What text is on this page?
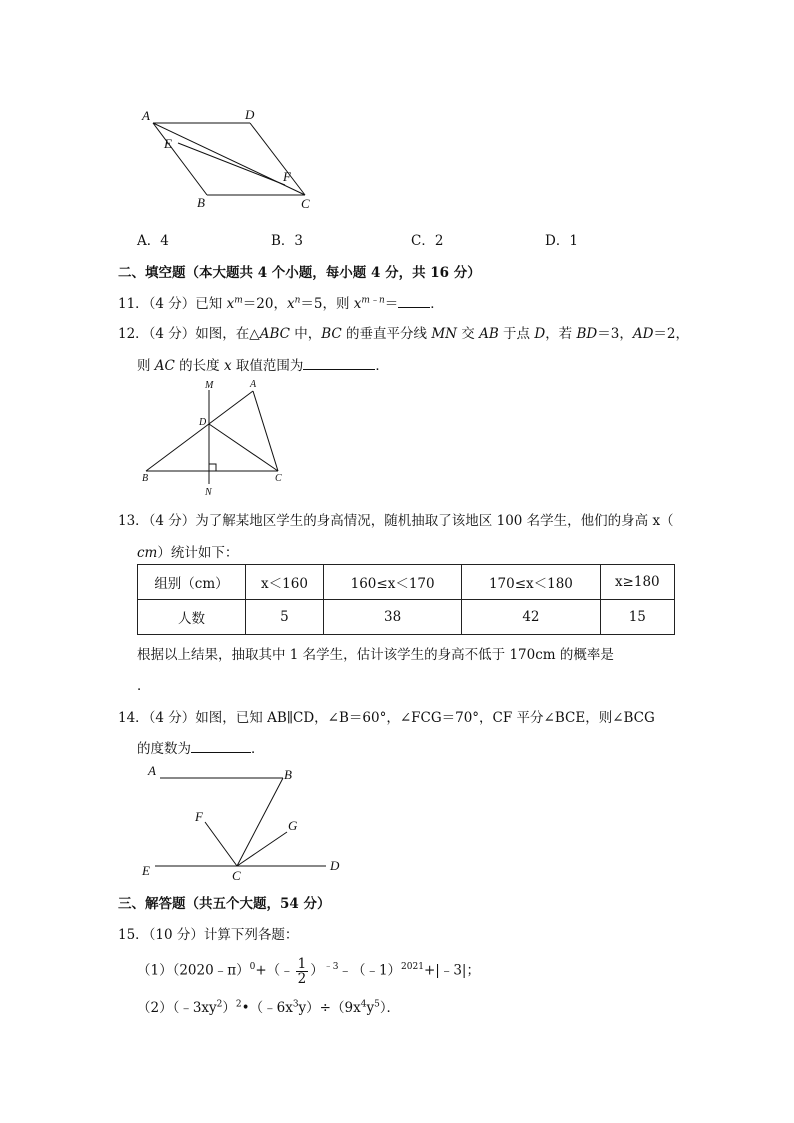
A	D
E
F
B	C
A．4	B．3	C．2	D．1
二、填空题（本大题共 4 个小题，每小题 4 分，共 16 分）
11．（4 分）已知 $x^m=20$，$x^n=5$，则 $x^{m﹣n}=$ ．
12．（4 分）如图，在△ABC 中，BC 的垂直平分线 MN 交 AB 于点 D，若 BD＝3，AD＝2，
则 AC 的长度 x 取值范围为	．
M	A
D
B	C
N
13．（4 分）为了解某地区学生的身高情况，随机抽取了该地区 100 名学生，他们的身高 x（
cm）统计如下：
组别（cm）	x＜160	160≤x＜170	170≤x＜180	x≥180
人数	5	38	42	15
根据以上结果，抽取其中 1 名学生，估计该学生的身高不低于 170cm 的概率是
．
14．（4 分）如图，已知 AB∥CD，∠B＝60°，∠FCG＝70°，CF 平分∠BCE，则∠BCG
的度数为	．
A	B
F
G
E	C
D
三、解答题（共五个大题，54 分）
15．（10 分）计算下列各题：
（1）（2020﹣π）$^0$+（﹣ $\frac{1}{2}$ ）$^{﹣3}$﹣（﹣1）$^{2021}$+|﹣3|；
$(2)(﹣3xy^2)^2•(﹣6x^3y)\div(9x^4y^5)$．
